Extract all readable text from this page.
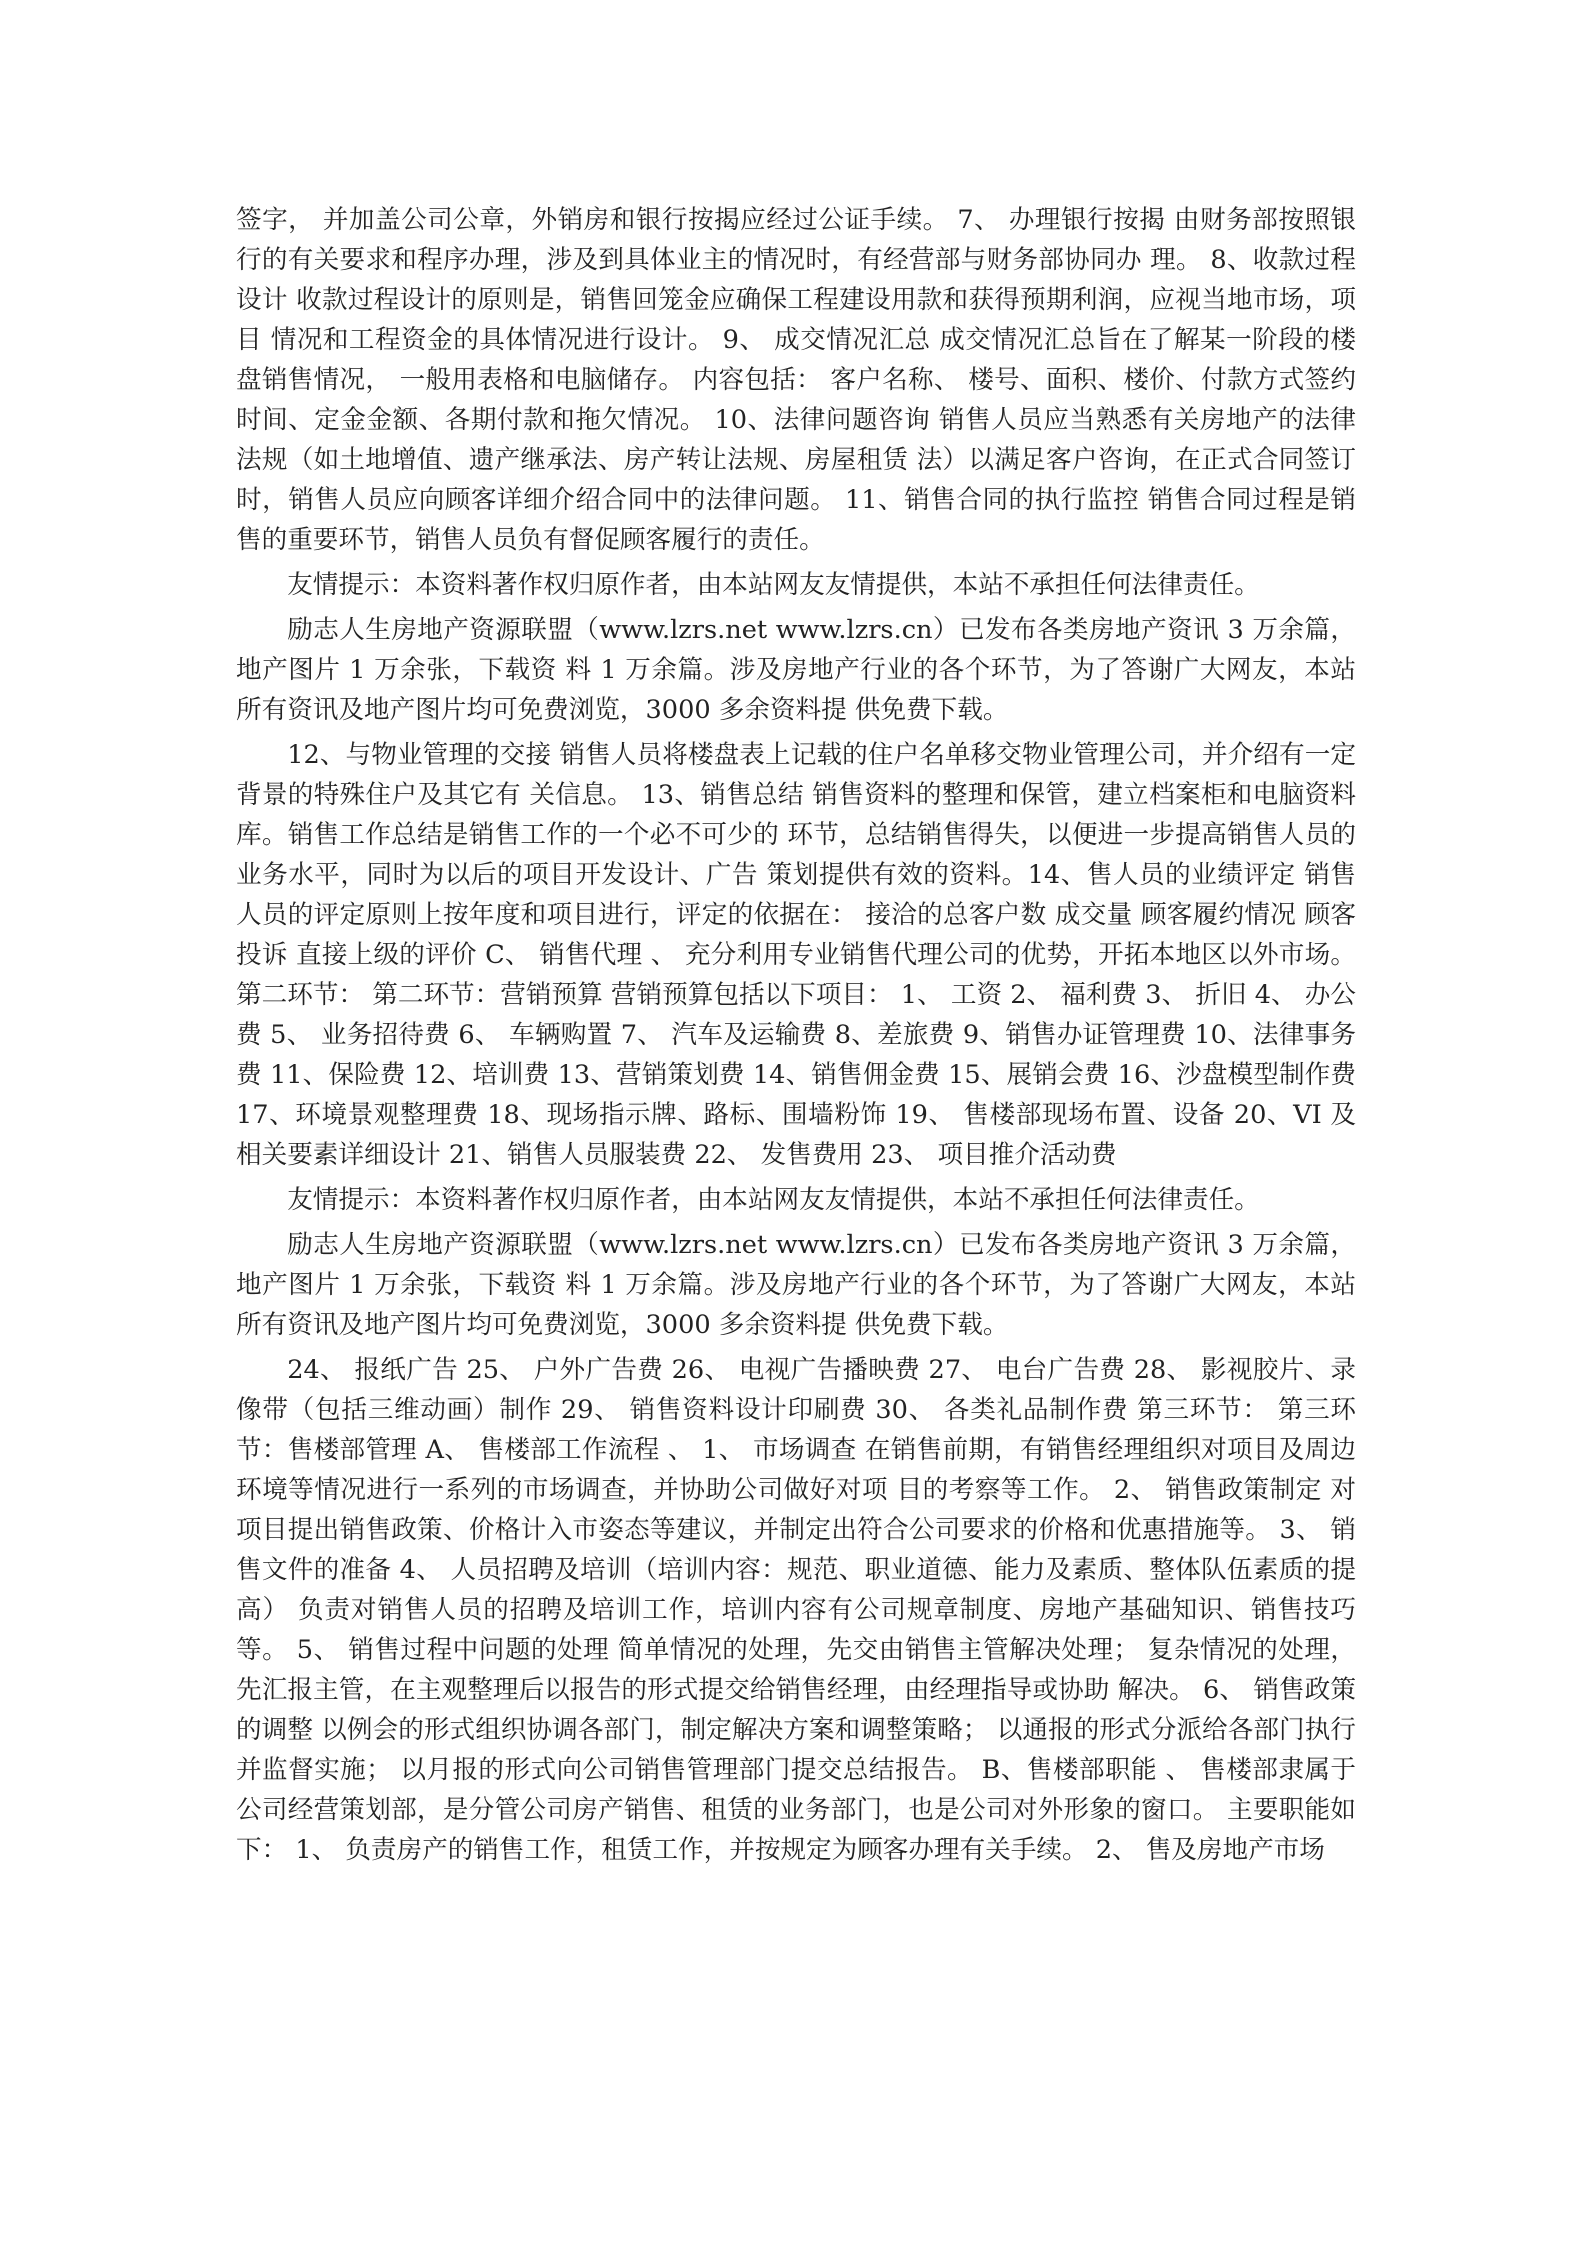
签字， 并加盖公司公章，外销房和银行按揭应经过公证手续。 7、 办理银行按揭 由财务部按照银行的有关要求和程序办理，涉及到具体业主的情况时，有经营部与财务部协同办 理。 8、收款过程设计 收款过程设计的原则是，销售回笼金应确保工程建设用款和获得预期利润，应视当地市场，项目 情况和工程资金的具体情况进行设计。 9、 成交情况汇总 成交情况汇总旨在了解某一阶段的楼盘销售情况， 一般用表格和电脑储存。 内容包括： 客户名称、 楼号、面积、楼价、付款方式签约时间、定金金额、各期付款和拖欠情况。 10、法律问题咨询 销售人员应当熟悉有关房地产的法律法规（如土地增值、遗产继承法、房产转让法规、房屋租赁 法）以满足客户咨询，在正式合同签订时，销售人员应向顾客详细介绍合同中的法律问题。 11、销售合同的执行监控 销售合同过程是销售的重要环节，销售人员负有督促顾客履行的责任。

友情提示：本资料著作权归原作者，由本站网友友情提供，本站不承担任何法律责任。

励志人生房地产资源联盟（www.lzrs.net www.lzrs.cn）已发布各类房地产资讯 3 万余篇，地产图片 1 万余张，下载资 料 1 万余篇。涉及房地产行业的各个环节，为了答谢广大网友，本站所有资讯及地产图片均可免费浏览，3000 多余资料提 供免费下载。

12、与物业管理的交接 销售人员将楼盘表上记载的住户名单移交物业管理公司，并介绍有一定背景的特殊住户及其它有 关信息。 13、销售总结 销售资料的整理和保管，建立档案柜和电脑资料库。销售工作总结是销售工作的一个必不可少的 环节，总结销售得失，以便进一步提高销售人员的业务水平，同时为以后的项目开发设计、广告 策划提供有效的资料。14、售人员的业绩评定 销售人员的评定原则上按年度和项目进行，评定的依据在： 接洽的总客户数 成交量 顾客履约情况 顾客投诉 直接上级的评价 C、 销售代理 、 充分利用专业销售代理公司的优势，开拓本地区以外市场。 第二环节： 第二环节：营销预算 营销预算包括以下项目： 1、 工资 2、 福利费 3、 折旧 4、 办公费 5、 业务招待费 6、 车辆购置 7、 汽车及运输费 8、差旅费 9、销售办证管理费 10、法律事务费 11、保险费 12、培训费 13、营销策划费 14、销售佣金费 15、展销会费 16、沙盘模型制作费 17、环境景观整理费 18、现场指示牌、路标、围墙粉饰 19、 售楼部现场布置、设备 20、VI 及相关要素详细设计 21、销售人员服装费 22、 发售费用 23、 项目推介活动费

友情提示：本资料著作权归原作者，由本站网友友情提供，本站不承担任何法律责任。

励志人生房地产资源联盟（www.lzrs.net www.lzrs.cn）已发布各类房地产资讯 3 万余篇，地产图片 1 万余张，下载资 料 1 万余篇。涉及房地产行业的各个环节，为了答谢广大网友，本站所有资讯及地产图片均可免费浏览，3000 多余资料提 供免费下载。

24、 报纸广告 25、 户外广告费 26、 电视广告播映费 27、 电台广告费 28、 影视胶片、录像带（包括三维动画）制作 29、 销售资料设计印刷费 30、 各类礼品制作费 第三环节： 第三环节：售楼部管理 A、 售楼部工作流程 、 1、 市场调查 在销售前期，有销售经理组织对项目及周边环境等情况进行一系列的市场调查，并协助公司做好对项 目的考察等工作。 2、 销售政策制定 对项目提出销售政策、价格计入市姿态等建议，并制定出符合公司要求的价格和优惠措施等。 3、 销售文件的准备 4、 人员招聘及培训（培训内容：规范、职业道德、能力及素质、整体队伍素质的提高） 负责对销售人员的招聘及培训工作，培训内容有公司规章制度、房地产基础知识、销售技巧等。 5、 销售过程中问题的处理 简单情况的处理，先交由销售主管解决处理； 复杂情况的处理，先汇报主管，在主观整理后以报告的形式提交给销售经理，由经理指导或协助 解决。 6、 销售政策的调整 以例会的形式组织协调各部门，制定解决方案和调整策略； 以通报的形式分派给各部门执行并监督实施； 以月报的形式向公司销售管理部门提交总结报告。 B、售楼部职能 、 售楼部隶属于公司经营策划部，是分管公司房产销售、租赁的业务部门，也是公司对外形象的窗口。 主要职能如下： 1、 负责房产的销售工作，租赁工作，并按规定为顾客办理有关手续。 2、 售及房地产市场
